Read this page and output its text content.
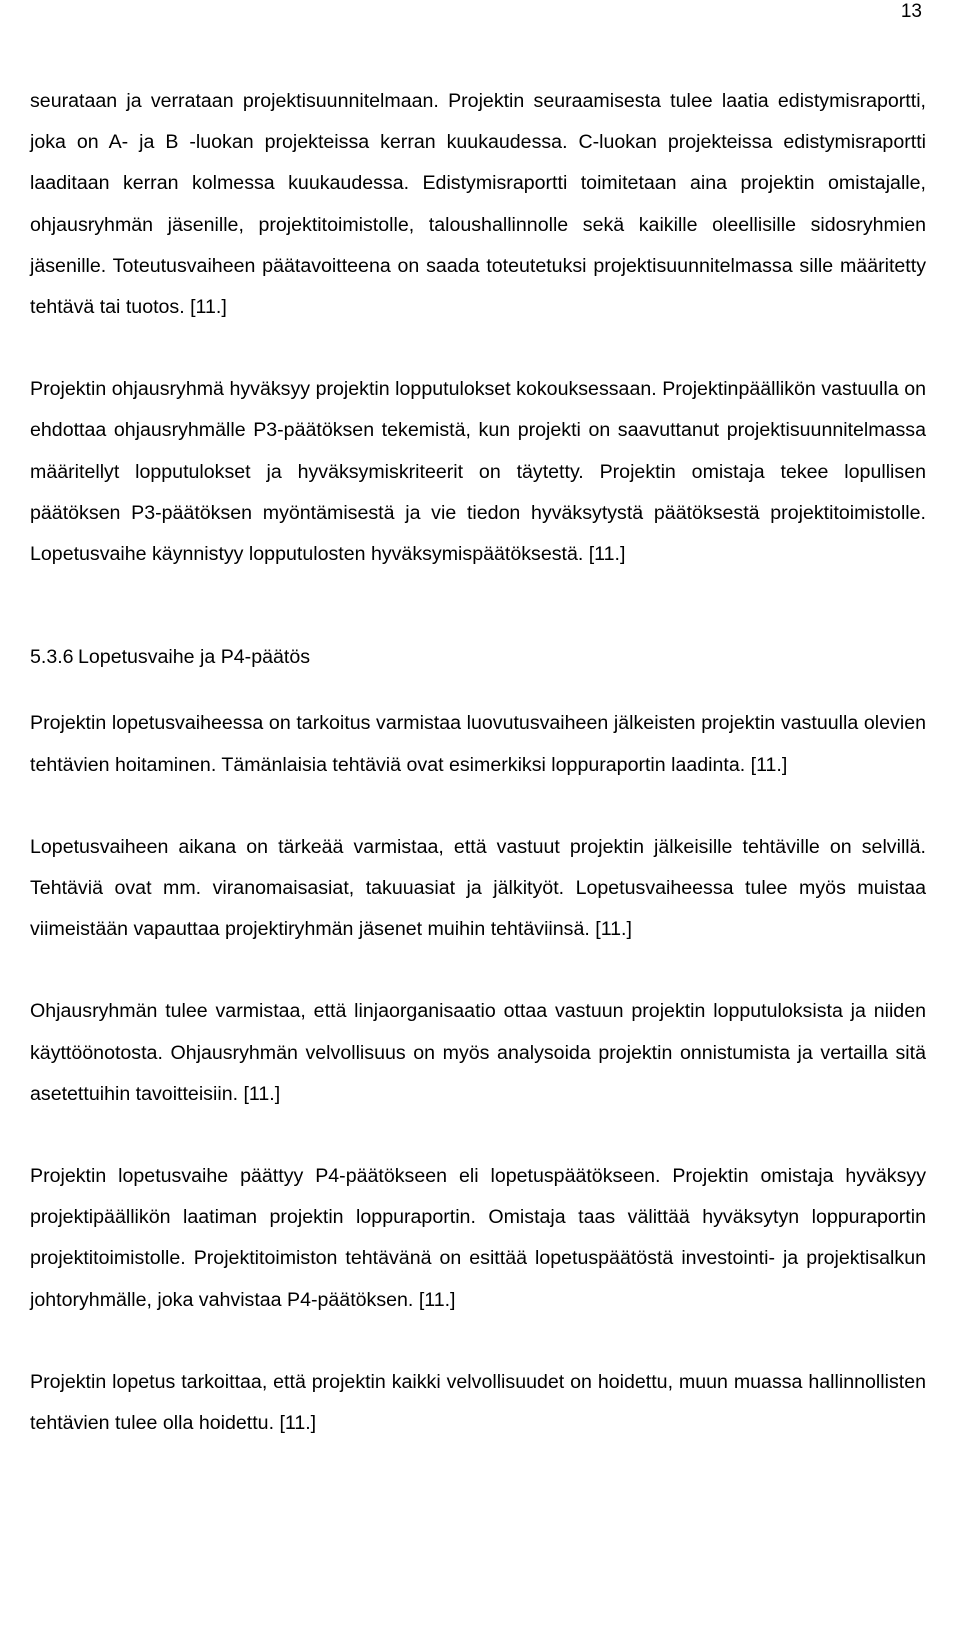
13

seurataan ja verrataan projektisuunnitelmaan. Projektin seuraamisesta tulee laatia edistymisraportti, joka on A- ja B -luokan projekteissa kerran kuukaudessa. C-luokan projekteissa edistymisraportti laaditaan kerran kolmessa kuukaudessa. Edistymisraportti toimitetaan aina projektin omistajalle, ohjausryhmän jäsenille, projektitoimistolle, taloushallinnolle sekä kaikille oleellisille sidosryhmien jäsenille. Toteutusvaiheen päätavoitteena on saada toteutetuksi projektisuunnitelmassa sille määritetty tehtävä tai tuotos. [11.]

Projektin ohjausryhmä hyväksyy projektin lopputulokset kokouksessaan. Projektinpäällikön vastuulla on ehdottaa ohjausryhmälle P3-päätöksen tekemistä, kun projekti on saavuttanut projektisuunnitelmassa määritellyt lopputulokset ja hyväksymiskriteerit on täytetty. Projektin omistaja tekee lopullisen päätöksen P3-päätöksen myöntämisestä ja vie tiedon hyväksytystä päätöksestä projektitoimistolle. Lopetusvaihe käynnistyy lopputulosten hyväksymispäätöksestä. [11.]

5.3.6 Lopetusvaihe ja P4-päätös

Projektin lopetusvaiheessa on tarkoitus varmistaa luovutusvaiheen jälkeisten projektin vastuulla olevien tehtävien hoitaminen. Tämänlaisia tehtäviä ovat esimerkiksi loppuraportin laadinta. [11.]

Lopetusvaiheen aikana on tärkeää varmistaa, että vastuut projektin jälkeisille tehtäville on selvillä. Tehtäviä ovat mm. viranomaisasiat, takuuasiat ja jälkityöt. Lopetusvaiheessa tulee myös muistaa viimeistään vapauttaa projektiryhmän jäsenet muihin tehtäviinsä. [11.]

Ohjausryhmän tulee varmistaa, että linjaorganisaatio ottaa vastuun projektin lopputuloksista ja niiden käyttöönotosta. Ohjausryhmän velvollisuus on myös analysoida projektin onnistumista ja vertailla sitä asetettuihin tavoitteisiin. [11.]

Projektin lopetusvaihe päättyy P4-päätökseen eli lopetuspäätökseen. Projektin omistaja hyväksyy projektipäällikön laatiman projektin loppuraportin. Omistaja taas välittää hyväksytyn loppuraportin projektitoimistolle. Projektitoimiston tehtävänä on esittää lopetuspäätöstä investointi- ja projektisalkun johtoryhmälle, joka vahvistaa P4-päätöksen. [11.]

Projektin lopetus tarkoittaa, että projektin kaikki velvollisuudet on hoidettu, muun muassa hallinnollisten tehtävien tulee olla hoidettu. [11.]
